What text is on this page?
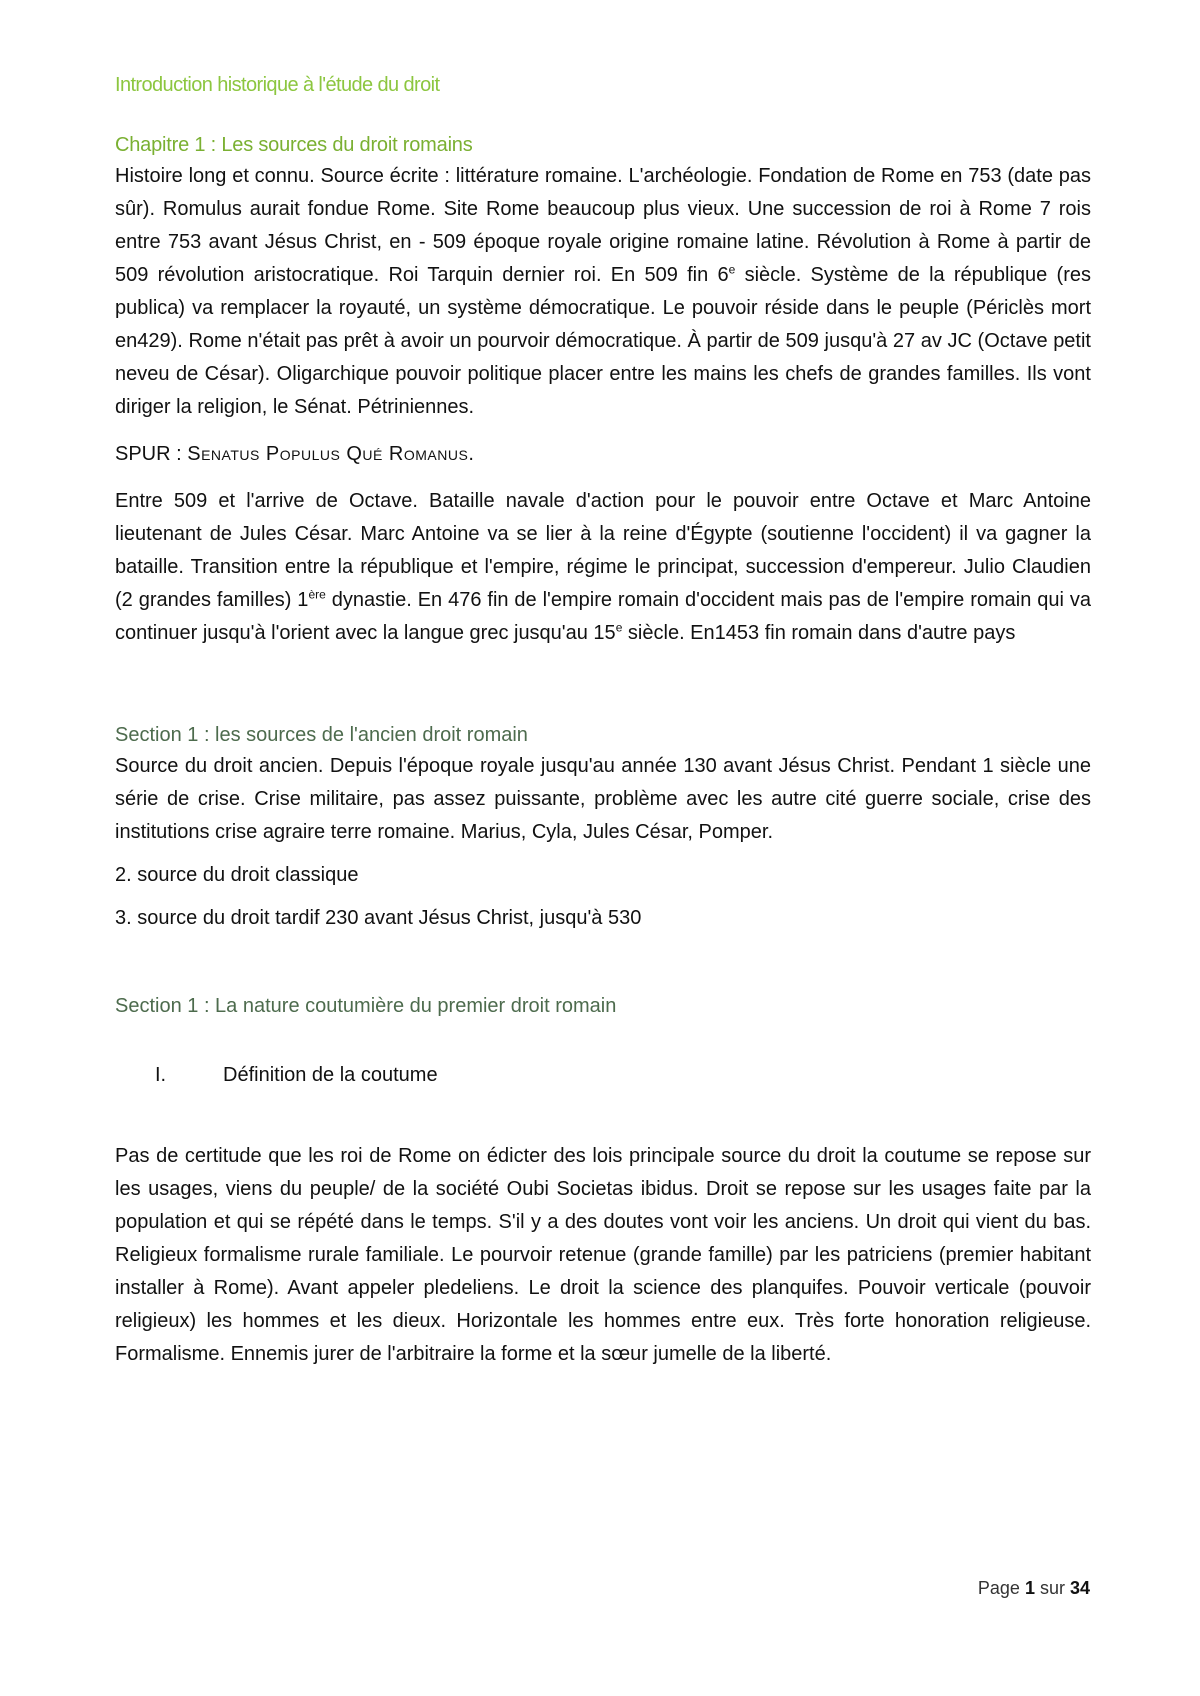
Introduction historique à l'étude du droit
Chapitre 1 : Les sources du droit romains

Histoire long et connu. Source écrite : littérature romaine. L'archéologie. Fondation de Rome en 753 (date pas sûr). Romulus aurait fondue Rome. Site Rome beaucoup plus vieux. Une succession de roi à Rome 7 rois entre 753 avant Jésus Christ, en - 509 époque royale origine romaine latine. Révolution à Rome à partir de 509 révolution aristocratique. Roi Tarquin dernier roi. En 509 fin 6e siècle. Système de la république (res publica) va remplacer la royauté, un système démocratique. Le pouvoir réside dans le peuple (Périclès mort en429). Rome n'était pas prêt à avoir un pourvoir démocratique. À partir de 509 jusqu'à 27 av JC (Octave petit neveu de César). Oligarchique pouvoir politique placer entre les mains les chefs de grandes familles. Ils vont diriger la religion, le Sénat. Pétriniennes.

SPUR : Senatus Populus Qué Romanus.

Entre 509 et l'arrive de Octave. Bataille navale d'action pour le pouvoir entre Octave et Marc Antoine lieutenant de Jules César. Marc Antoine va se lier à la reine d'Égypte (soutienne l'occident) il va gagner la bataille. Transition entre la république et l'empire, régime le principat, succession d'empereur. Julio Claudien (2 grandes familles) 1ère dynastie. En 476 fin de l'empire romain d'occident mais pas de l'empire romain qui va continuer jusqu'à l'orient avec la langue grec jusqu'au 15e siècle. En1453 fin romain dans d'autre pays

Section 1 : les sources de l'ancien droit romain

Source du droit ancien. Depuis l'époque royale jusqu'au année 130 avant Jésus Christ. Pendant 1 siècle une série de crise. Crise militaire, pas assez puissante, problème avec les autre cité guerre sociale, crise des institutions crise agraire terre romaine. Marius, Cyla, Jules César, Pomper.

2. source du droit classique

3. source du droit tardif 230 avant Jésus Christ, jusqu'à 530

Section 1 : La nature coutumière du premier droit romain
I.	Définition de la coutume

Pas de certitude que les roi de Rome on édicter des lois principale source du droit la coutume se repose sur les usages, viens du peuple/ de la société Oubi Societas ibidus. Droit se repose sur les usages faite par la population et qui se répété dans le temps. S'il y a des doutes vont voir les anciens. Un droit qui vient du bas. Religieux formalisme rurale familiale. Le pourvoir retenue (grande famille) par les patriciens (premier habitant installer à Rome). Avant appeler pledeliens. Le droit la science des planquifes. Pouvoir verticale (pouvoir religieux) les hommes et les dieux. Horizontale les hommes entre eux. Très forte honoration religieuse. Formalisme. Ennemis jurer de l'arbitraire la forme et la sœur jumelle de la liberté.

Page 1 sur 34
